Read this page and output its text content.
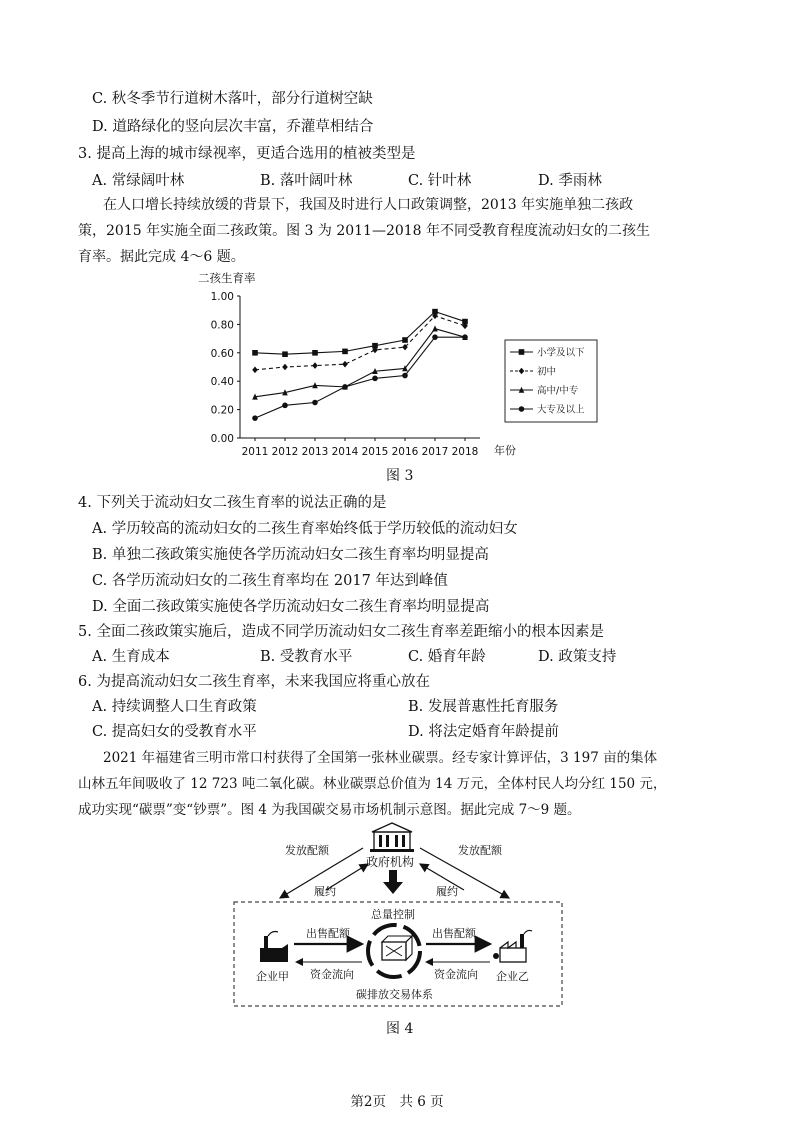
C. 秋冬季节行道树木落叶，部分行道树空缺
D. 道路绿化的竖向层次丰富，乔灌草相结合
3. 提高上海的城市绿视率，更适合选用的植被类型是
A. 常绿阔叶林	B. 落叶阔叶林	C. 针叶林	D. 季雨林
在人口增长持续放缓的背景下，我国及时进行人口政策调整，2013 年实施单独二孩政
策，2015 年实施全面二孩政策。图 3 为 2011—2018 年不同受教育程度流动妇女的二孩生
育率。据此完成 4～6 题。
二孩生育率
0.00
0.20
0.40
0.60
0.80
1.00
2011 2012 2013 2014 2015 2016 2017 2018 年份
小学及以下
初中
高中/中专
大专及以上
图 3
4. 下列关于流动妇女二孩生育率的说法正确的是
A. 学历较高的流动妇女的二孩生育率始终低于学历较低的流动妇女
B. 单独二孩政策实施使各学历流动妇女二孩生育率均明显提高
C. 各学历流动妇女的二孩生育率均在 2017 年达到峰值
D. 全面二孩政策实施使各学历流动妇女二孩生育率均明显提高
5. 全面二孩政策实施后，造成不同学历流动妇女二孩生育率差距缩小的根本因素是
A. 生育成本	B. 受教育水平	C. 婚育年龄	D. 政策支持
6. 为提高流动妇女二孩生育率，未来我国应将重心放在
A. 持续调整人口生育政策	B. 发展普惠性托育服务
C. 提高妇女的受教育水平	D. 将法定婚育年龄提前
2021 年福建省三明市常口村获得了全国第一张林业碳票。经专家计算评估，3 197 亩的集体
山林五年间吸收了 12 723 吨二氧化碳。林业碳票总价值为 14 万元，全体村民人均分红 150 元，
成功实现“碳票”变“钞票”。图 4 为我国碳交易市场机制示意图。据此完成 7～9 题。
政府机构
发放配额
履约
发放配额
履约
总量控制
企业甲	企业乙
出售配额	出售配额
资金流向	资金流向
碳排放交易体系
图 4
第2页　共 6 页
